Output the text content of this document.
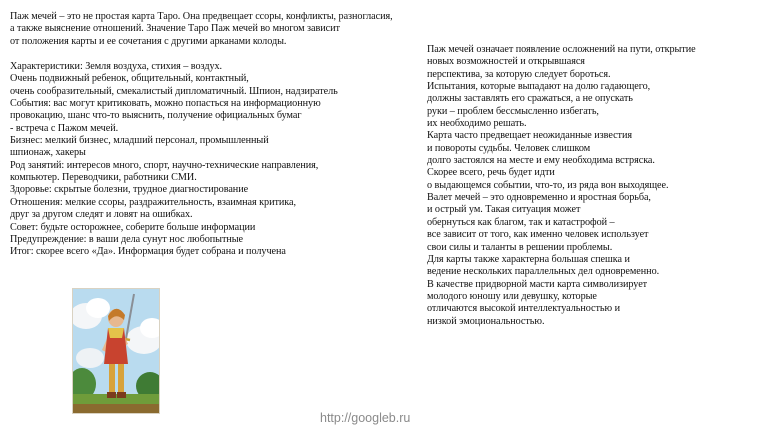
Паж мечей – это не простая карта Таро. Она предвещает ссоры, конфликты, разногласия,
а также выяснение отношений. Значение Таро Паж мечей во многом зависит
от положения карты и ее сочетания с другими арканами колоды.
Характеристики: Земля воздуха, стихия – воздух.
Очень подвижный ребенок, общительный, контактный,
очень сообразительный, смекалистый дипломатичный. Шпион, надзиратель
События: вас могут критиковать, можно попасться на информационную
провокацию, шанс что-то выяснить, получение официальных бумаг
- встреча с Пажом мечей.
Бизнес: мелкий бизнес, младший персонал, промышленный
шпионаж, хакеры
Род занятий: интересов много, спорт, научно-технические направления,
компьютер. Переводчики, работники СМИ.
Здоровье: скрытые болезни, трудное диагностирование
Отношения: мелкие ссоры, раздражительность, взаимная критика,
друг за другом следят и ловят на ошибках.
Совет: будьте осторожнее, соберите больше информации
Предупреждение: в ваши дела сунут нос любопытные
Итог: скорее всего «Да». Информация будет собрана и получена
Паж мечей означает появление осложнений на пути, открытие
новых возможностей и открывшаяся
перспектива, за которую следует бороться.
Испытания, которые выпадают на долю гадающего,
должны заставлять его сражаться, а не опускать
руки – проблем бессмысленно избегать,
их необходимо решать.
Карта часто предвещает неожиданные известия
и повороты судьбы. Человек слишком
долго застоялся на месте и ему необходима встряска.
Скорее всего, речь будет идти
о выдающемся событии, что-то, из ряда вон выходящее.
Валет мечей – это одновременно и яростная борьба,
и острый ум. Такая ситуация может
обернуться как благом, так и катастрофой –
все зависит от того, как именно человек использует
свои силы и таланты в решении проблемы.
Для карты также характерна большая спешка и
ведение нескольких параллельных дел одновременно.
В качестве придворной масти карта символизирует
молодого юношу или девушку, которые
отличаются высокой интеллектуальностью и
низкой эмоциональностью.
http://googleb.ru
